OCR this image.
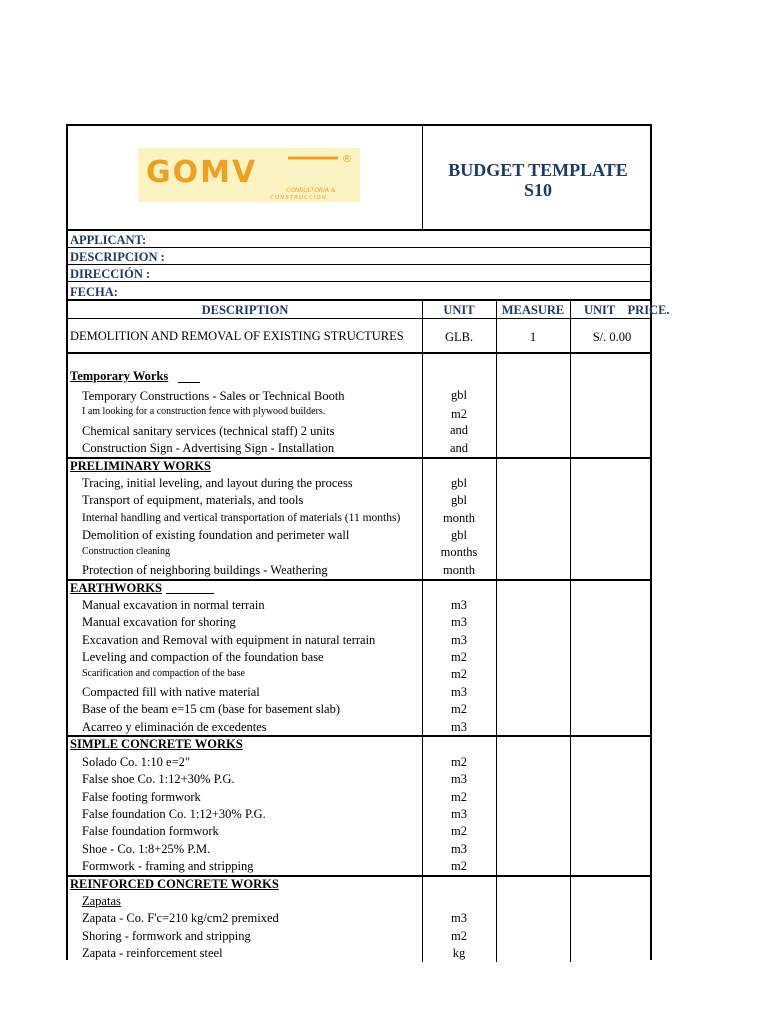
GOMV	®
CONSULTORIA &
CONSTRUCCION
BUDGET TEMPLATE
S10
APPLICANT:
DESCRIPCION :
DIRECCIÓN :
FECHA:
DESCRIPTION	UNIT	MEASURE	UNIT    PRICE.
DEMOLITION AND REMOVAL OF EXISTING STRUCTURES	GLB.	1	S/. 0.00
Temporary Works
Temporary Constructions - Sales or Technical Booth	gbl
I am looking for a construction fence with plywood builders.	m2
Chemical sanitary services (technical staff) 2 units	and
Construction Sign - Advertising Sign - Installation	and
PRELIMINARY WORKS
Tracing, initial leveling, and layout during the process	gbl
Transport of equipment, materials, and tools	gbl
Internal handling and vertical transportation of materials (11 months)	month
Demolition of existing foundation and perimeter wall	gbl
Construction cleaning	months
Protection of neighboring buildings - Weathering	month
EARTHWORKS
Manual excavation in normal terrain	m3
Manual excavation for shoring	m3
Excavation and Removal with equipment in natural terrain	m3
Leveling and compaction of the foundation base	m2
Scarification and compaction of the base	m2
Compacted fill with native material	m3
Base of the beam e=15 cm (base for basement slab)	m2
Acarreo y eliminación de excedentes	m3
SIMPLE CONCRETE WORKS
Solado Co. 1:10 e=2"	m2
False shoe Co. 1:12+30% P.G.	m3
False footing formwork	m2
False foundation Co. 1:12+30% P.G.	m3
False foundation formwork	m2
Shoe - Co. 1:8+25% P.M.	m3
Formwork - framing and stripping	m2
REINFORCED CONCRETE WORKS
Zapatas
Zapata - Co. F'c=210 kg/cm2 premixed	m3
Shoring - formwork and stripping	m2
Zapata - reinforcement steel	kg
